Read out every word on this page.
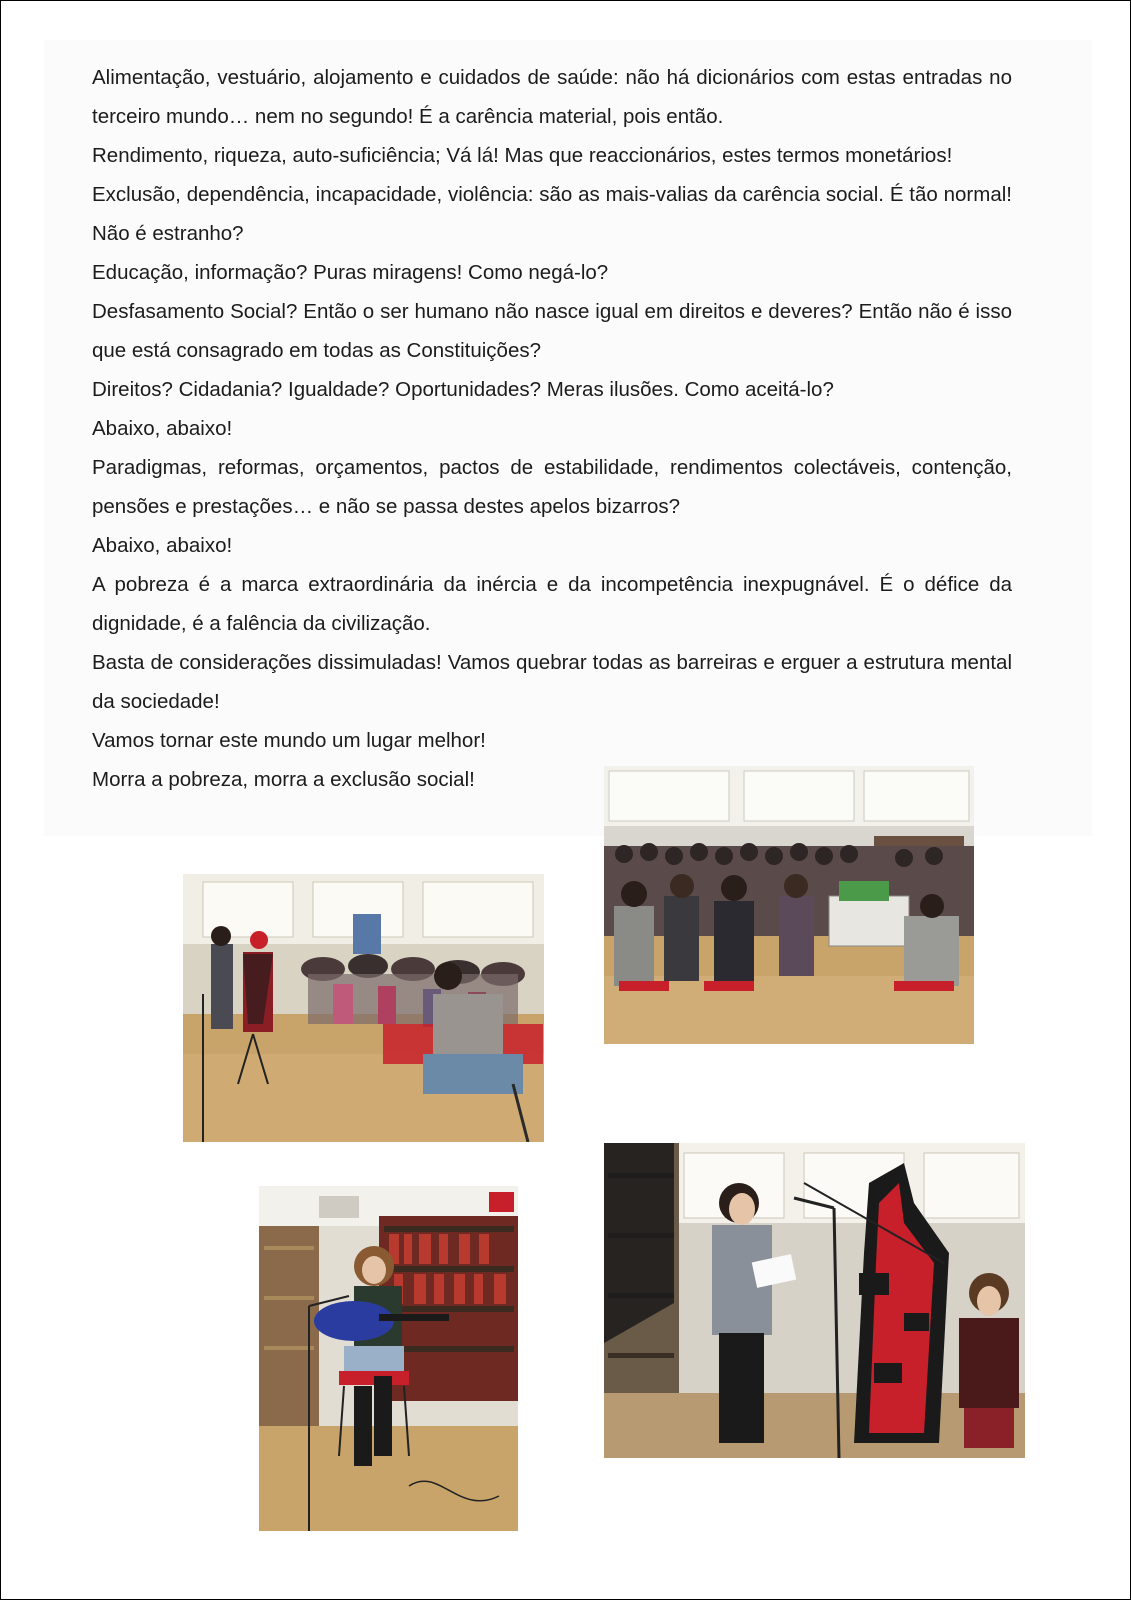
Alimentação, vestuário, alojamento e cuidados de saúde: não há dicionários com estas entradas no terceiro mundo… nem no segundo! É a carência material, pois então.

Rendimento, riqueza, auto-suficiência; Vá lá! Mas que reaccionários, estes termos monetários!

Exclusão, dependência, incapacidade, violência: são as mais-valias da carência social. É tão normal! Não é estranho?

Educação, informação? Puras miragens! Como negá-lo?

Desfasamento Social? Então o ser humano não nasce igual em direitos e deveres? Então não é isso que está consagrado em todas as Constituições?

Direitos? Cidadania? Igualdade? Oportunidades? Meras ilusões. Como aceitá-lo?

Abaixo, abaixo!

Paradigmas, reformas, orçamentos, pactos de estabilidade, rendimentos colectáveis, contenção, pensões e prestações… e não se passa destes apelos bizarros?

Abaixo, abaixo!

A pobreza é a marca extraordinária da inércia e da incompetência inexpugnável. É o défice da dignidade, é a falência da civilização.

Basta de considerações dissimuladas! Vamos quebrar todas as barreiras e erguer a estrutura mental da sociedade!

Vamos tornar este mundo um lugar melhor!

Morra a pobreza, morra a exclusão social!
